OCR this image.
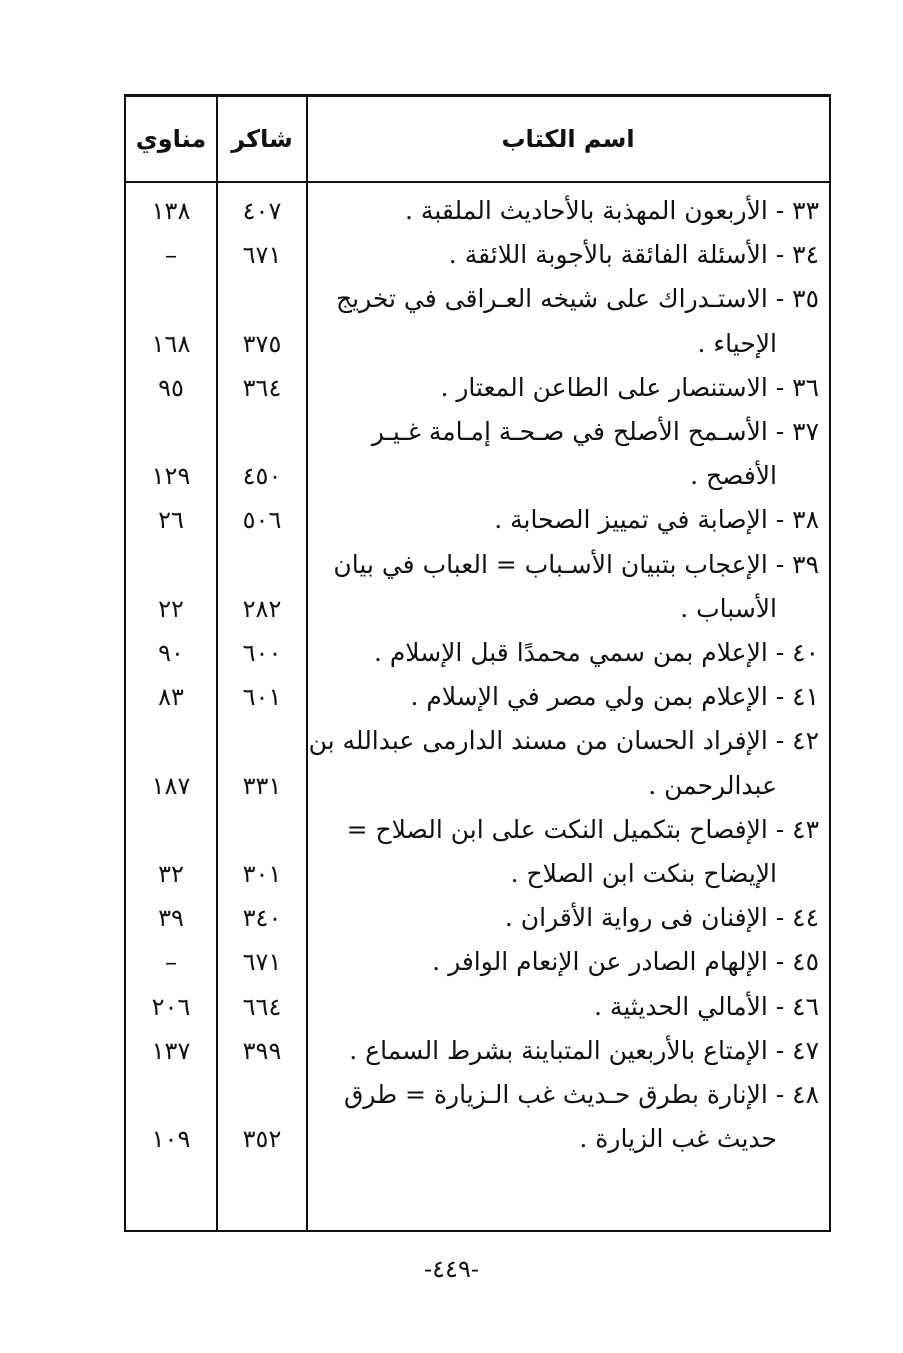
اسم الكتاب
شاكر
مناوي
٣٣ - الأربعون المهذبة بالأحاديث الملقبة .
٤٠٧
١٣٨
٣٤ - الأسئلة الفائقة بالأجوبة اللائقة .
٦٧١
–
٣٥ - الاستـدراك على شيخه العـراقى في تخريج
الإحياء .
٣٧٥
١٦٨
٣٦ - الاستنصار على الطاعن المعتار .
٣٦٤
٩٥
٣٧ - الأسـمح الأصلح في صـحـة إمـامة غـيـر
الأفصح .
٤٥٠
١٢٩
٣٨ - الإصابة في تمييز الصحابة .
٥٠٦
٢٦
٣٩ - الإعجاب بتبيان الأسـباب = العباب في بيان
الأسباب .
٢٨٢
٢٢
٤٠ - الإعلام بمن سمي محمدًا قبل الإسلام .
٦٠٠
٩٠
٤١ - الإعلام بمن ولي مصر في الإسلام .
٦٠١
٨٣
٤٢ - الإفراد الحسان من مسند الدارمى عبدالله بن
عبدالرحمن .
٣٣١
١٨٧
٤٣ - الإفصاح بتكميل النكت على ابن الصلاح =
الإيضاح بنكت ابن الصلاح .
٣٠١
٣٢
٤٤ - الإفنان فى رواية الأقران .
٣٤٠
٣٩
٤٥ - الإلهام الصادر عن الإنعام الوافر .
٦٧١
–
٤٦ - الأمالي الحديثية .
٦٦٤
٢٠٦
٤٧ - الإمتاع بالأربعين المتباينة بشرط السماع .
٣٩٩
١٣٧
٤٨ - الإنارة بطرق حـديث غب الـزيارة = طرق
حديث غب الزيارة .
٣٥٢
١٠٩
-٤٤٩-
